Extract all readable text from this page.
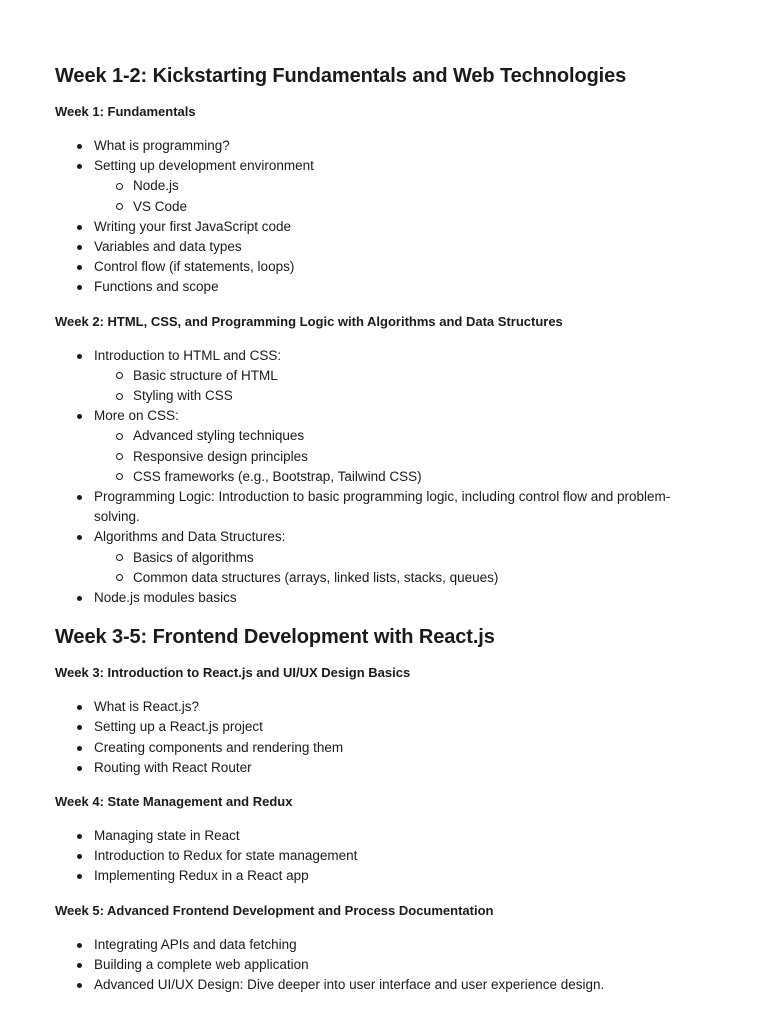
Week 1-2: Kickstarting Fundamentals and Web Technologies
Week 1: Fundamentals
What is programming?
Setting up development environment
Node.js
VS Code
Writing your first JavaScript code
Variables and data types
Control flow (if statements, loops)
Functions and scope
Week 2: HTML, CSS, and Programming Logic with Algorithms and Data Structures
Introduction to HTML and CSS:
Basic structure of HTML
Styling with CSS
More on CSS:
Advanced styling techniques
Responsive design principles
CSS frameworks (e.g., Bootstrap, Tailwind CSS)
Programming Logic: Introduction to basic programming logic, including control flow and problem-solving.
Algorithms and Data Structures:
Basics of algorithms
Common data structures (arrays, linked lists, stacks, queues)
Node.js modules basics
Week 3-5: Frontend Development with React.js
Week 3: Introduction to React.js and UI/UX Design Basics
What is React.js?
Setting up a React.js project
Creating components and rendering them
Routing with React Router
Week 4: State Management and Redux
Managing state in React
Introduction to Redux for state management
Implementing Redux in a React app
Week 5: Advanced Frontend Development and Process Documentation
Integrating APIs and data fetching
Building a complete web application
Advanced UI/UX Design: Dive deeper into user interface and user experience design.
